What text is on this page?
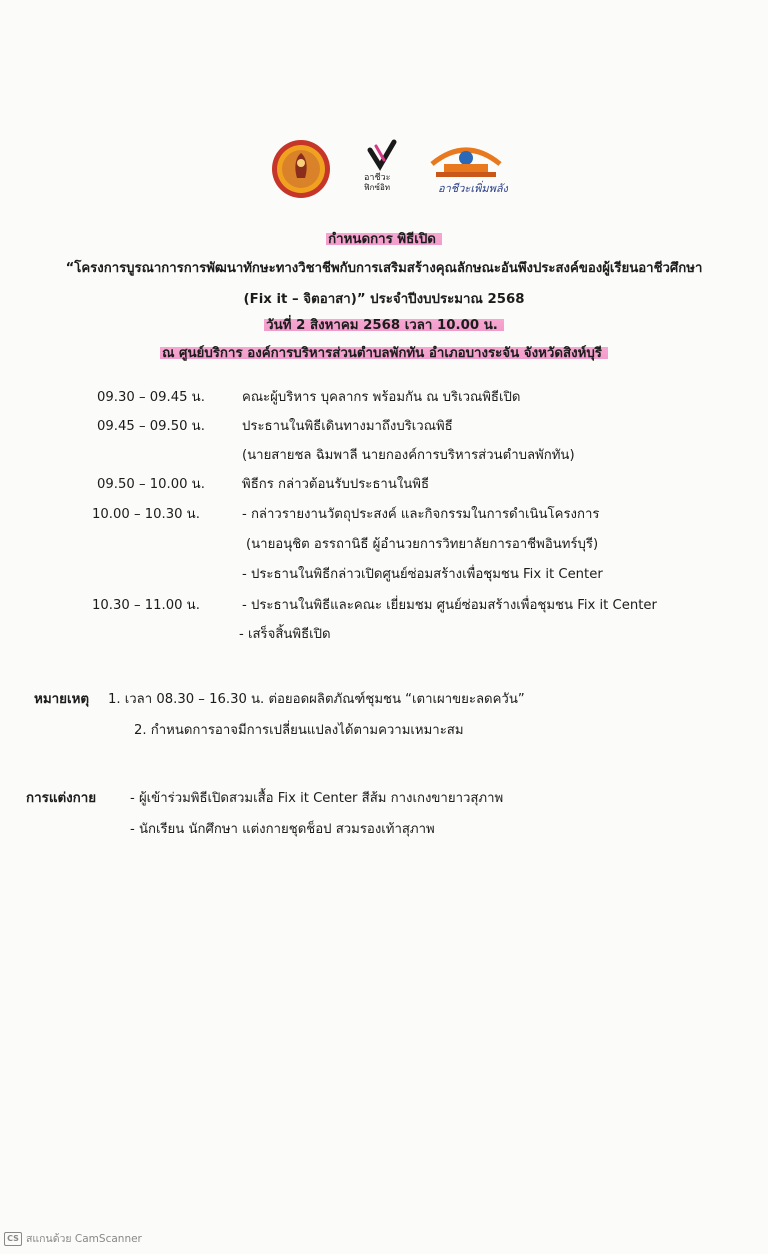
อาชีวะ
ฟิกซ์อิท	อาชีวะเพิ่มพลัง
กำหนดการ พิธีเปิด
“โครงการบูรณาการการพัฒนาทักษะทางวิชาชีพกับการเสริมสร้างคุณลักษณะอันพึงประสงค์ของผู้เรียนอาชีวศึกษา
(Fix it – จิตอาสา)” ประจำปีงบประมาณ 2568
วันที่ 2 สิงหาคม 2568 เวลา 10.00 น.
ณ ศูนย์บริการ องค์การบริหารส่วนตำบลพักทัน อำเภอบางระจัน จังหวัดสิงห์บุรี
09.30 – 09.45 น.	คณะผู้บริหาร บุคลากร พร้อมกัน ณ บริเวณพิธีเปิด
09.45 – 09.50 น.	ประธานในพิธีเดินทางมาถึงบริเวณพิธี
(นายสายชล ฉิมพาลี นายกองค์การบริหารส่วนตำบลพักทัน)
09.50 – 10.00 น.	พิธีกร กล่าวต้อนรับประธานในพิธี
10.00 – 10.30 น.	- กล่าวรายงานวัตถุประสงค์ และกิจกรรมในการดำเนินโครงการ
(นายอนุชิต อรรถานิธี ผู้อำนวยการวิทยาลัยการอาชีพอินทร์บุรี)
- ประธานในพิธีกล่าวเปิดศูนย์ซ่อมสร้างเพื่อชุมชน Fix it Center
10.30 – 11.00 น.	- ประธานในพิธีและคณะ เยี่ยมชม ศูนย์ซ่อมสร้างเพื่อชุมชน Fix it Center
- เสร็จสิ้นพิธีเปิด
หมายเหตุ 1. เวลา 08.30 – 16.30 น. ต่อยอดผลิตภัณฑ์ชุมชน “เตาเผาขยะลดควัน”
2. กำหนดการอาจมีการเปลี่ยนแปลงได้ตามความเหมาะสม
การแต่งกาย	- ผู้เข้าร่วมพิธีเปิดสวมเสื้อ Fix it Center สีส้ม กางเกงขายาวสุภาพ
- นักเรียน นักศึกษา แต่งกายชุดช็อป สวมรองเท้าสุภาพ
CS สแกนด้วย CamScanner
